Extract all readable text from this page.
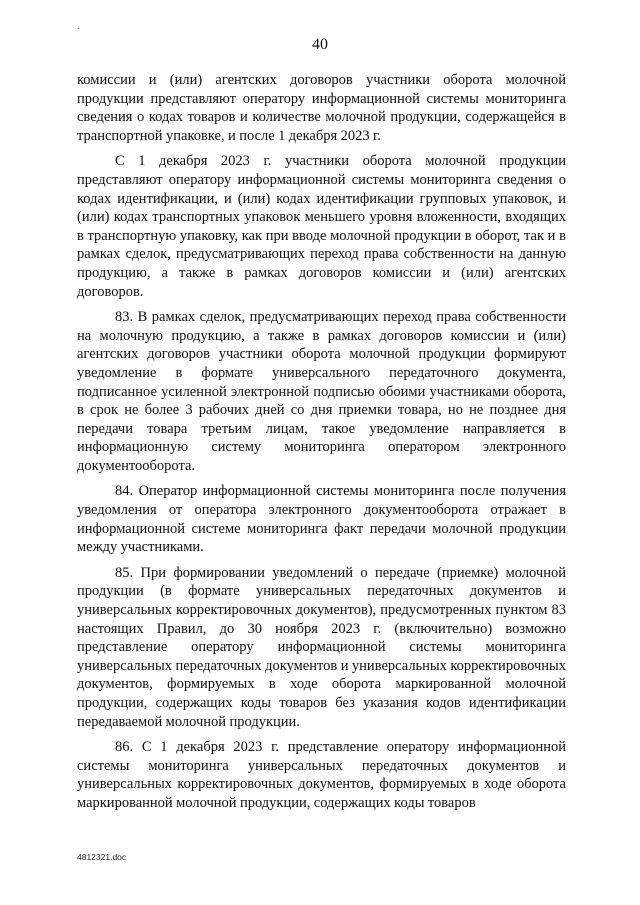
.
40

комиссии и (или) агентских договоров участники оборота молочной продукции представляют оператору информационной системы мониторинга сведения о кодах товаров и количестве молочной продукции, содержащейся в транспортной упаковке, и после 1 декабря 2023 г.

С 1 декабря 2023 г. участники оборота молочной продукции представляют оператору информационной системы мониторинга сведения о кодах идентификации, и (или) кодах идентификации групповых упаковок, и (или) кодах транспортных упаковок меньшего уровня вложенности, входящих в транспортную упаковку, как при вводе молочной продукции в оборот, так и в рамках сделок, предусматривающих переход права собственности на данную продукцию, а также в рамках договоров комиссии и (или) агентских договоров.

83. В рамках сделок, предусматривающих переход права собственности на молочную продукцию, а также в рамках договоров комиссии и (или) агентских договоров участники оборота молочной продукции формируют уведомление в формате универсального передаточного документа, подписанное усиленной электронной подписью обоими участниками оборота, в срок не более 3 рабочих дней со дня приемки товара, но не позднее дня передачи товара третьим лицам, такое уведомление направляется в информационную систему мониторинга оператором электронного документооборота.

84. Оператор информационной системы мониторинга после получения уведомления от оператора электронного документооборота отражает в информационной системе мониторинга факт передачи молочной продукции между участниками.

85. При формировании уведомлений о передаче (приемке) молочной продукции (в формате универсальных передаточных документов и универсальных корректировочных документов), предусмотренных пунктом 83 настоящих Правил, до 30 ноября 2023 г. (включительно) возможно представление оператору информационной системы мониторинга универсальных передаточных документов и универсальных корректировочных документов, формируемых в ходе оборота маркированной молочной продукции, содержащих коды товаров без указания кодов идентификации передаваемой молочной продукции.

86. С 1 декабря 2023 г. представление оператору информационной системы мониторинга универсальных передаточных документов и универсальных корректировочных документов, формируемых в ходе оборота маркированной молочной продукции, содержащих коды товаров

4812321.doc
